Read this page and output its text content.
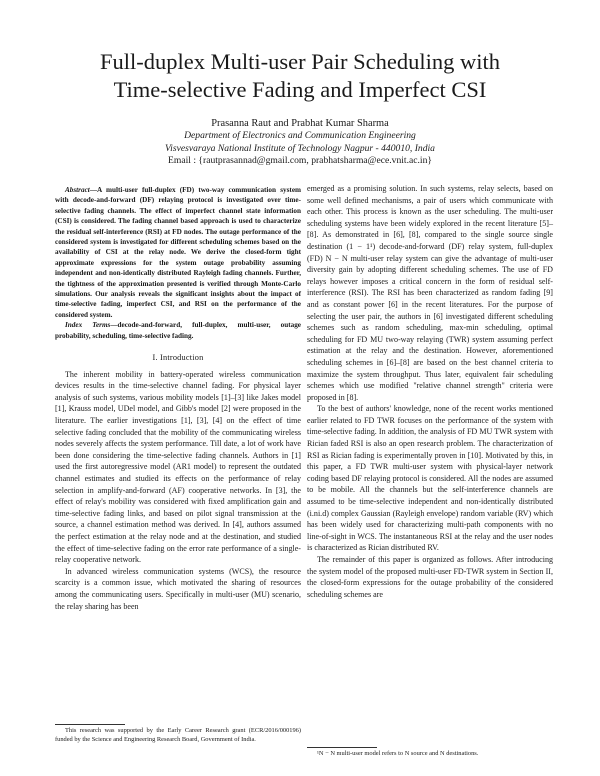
Full-duplex Multi-user Pair Scheduling with
Time-selective Fading and Imperfect CSI
Prasanna Raut and Prabhat Kumar Sharma
Department of Electronics and Communication Engineering
Visvesvaraya National Institute of Technology Nagpur - 440010, India
Email : {rautprasannad@gmail.com, prabhatsharma@ece.vnit.ac.in}

Abstract—A multi-user full-duplex (FD) two-way communication system with decode-and-forward (DF) relaying protocol is investigated over time-selective fading channels. The effect of imperfect channel state information (CSI) is considered. The fading channel based approach is used to characterize the residual self-interference (RSI) at FD nodes. The outage performance of the considered system is investigated for different scheduling schemes based on the availability of CSI at the relay node. We derive the closed-form tight approximate expressions for the system outage probability assuming independent and non-identically distributed Rayleigh fading channels. Further, the tightness of the approximation presented is verified through Monte-Carlo simulations. Our analysis reveals the significant insights about the impact of time-selective fading, imperfect CSI, and RSI on the performance of the considered system.

Index Terms—decode-and-forward, full-duplex, multi-user, outage probability, scheduling, time-selective fading.

I. Introduction

The inherent mobility in battery-operated wireless communication devices results in the time-selective channel fading. For physical layer analysis of such systems, various mobility models [1]–[3] like Jakes model [1], Krauss model, UDel model, and Gibb's model [2] were proposed in the literature. The earlier investigations [1], [3], [4] on the effect of time selective fading concluded that the mobility of the communicating wireless nodes severely affects the system performance. Till date, a lot of work have been done considering the time-selective fading channels. Authors in [1] used the first autoregressive model (AR1 model) to represent the outdated channel estimates and studied its effects on the performance of relay selection in amplify-and-forward (AF) cooperative networks. In [3], the effect of relay's mobility was considered with fixed amplification gain and time-selective fading links, and based on pilot signal transmission at the source, a channel estimation method was derived. In [4], authors assumed the perfect estimation at the relay node and at the destination, and studied the effect of time-selective fading on the error rate performance of a single-relay cooperative network.

In advanced wireless communication systems (WCS), the resource scarcity is a common issue, which motivated the sharing of resources among the communicating users. Specifically in multi-user (MU) scenario, the relay sharing has been

This research was supported by the Early Career Research grant (ECR/2016/000196) funded by the Science and Engineering Research Board, Government of India.

emerged as a promising solution. In such systems, relay selects, based on some well defined mechanisms, a pair of users which communicate with each other. This process is known as the user scheduling. The multi-user scheduling systems have been widely explored in the recent literature [5]–[8]. As demonstrated in [6], [8], compared to the single source single destination (1 − 1¹) decode-and-forward (DF) relay system, full-duplex (FD) N − N multi-user relay system can give the advantage of multi-user diversity gain by adopting different scheduling schemes. The use of FD relays however imposes a critical concern in the form of residual self-interference (RSI). The RSI has been characterized as random fading [9] and as constant power [6] in the recent literatures. For the purpose of selecting the user pair, the authors in [6] investigated different scheduling schemes such as random scheduling, max-min scheduling, optimal scheduling for FD MU two-way relaying (TWR) system assuming perfect estimation at the relay and the destination. However, aforementioned scheduling schemes in [6]–[8] are based on the best channel criteria to maximize the system throughput. Thus later, equivalent fair scheduling schemes which use modified "relative channel strength" criteria were proposed in [8].

To the best of authors' knowledge, none of the recent works mentioned earlier related to FD TWR focuses on the performance of the system with time-selective fading. In addition, the analysis of FD MU TWR system with Rician faded RSI is also an open research problem. The characterization of RSI as Rician fading is experimentally proven in [10]. Motivated by this, in this paper, a FD TWR multi-user system with physical-layer network coding based DF relaying protocol is considered. All the nodes are assumed to be mobile. All the channels but the self-interference channels are assumed to be time-selective independent and non-identically distributed (i.ni.d) complex Gaussian (Rayleigh envelope) random variable (RV) which has been widely used for characterizing multi-path components with no line-of-sight in WCS. The instantaneous RSI at the relay and the user nodes is characterized as Rician distributed RV.

The remainder of this paper is organized as follows. After introducing the system model of the proposed multi-user FD-TWR system in Section II, the closed-form expressions for the outage probability of the considered scheduling schemes are

¹N − N multi-user model refers to N source and N destinations.
